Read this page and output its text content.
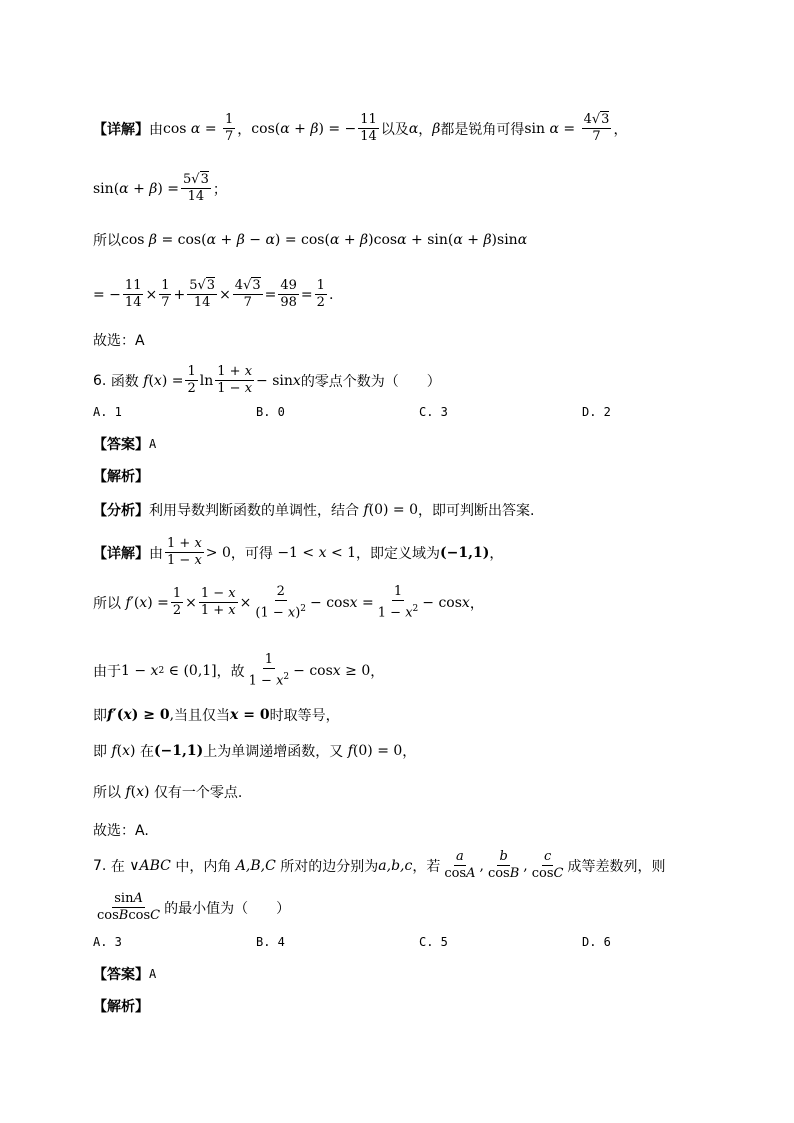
【详解】 由 $\cos \alpha = \frac{1}{7}$ ， cos ( α + β ) = − $\frac{11}{14}$ 以及 α ， β 都是锐角可得 $\sin \alpha = \frac{4√3}{7}$ ，
sin ( α + β ) = $\frac{5√3}{14}$ ；
所以 cos β = cos ( α + β − α ) = cos ( α + β ) cos α + sin ( α + β ) sin α
= − $\frac{11}{14} \times \frac{1}{7} + \frac{5√3}{14} \times \frac{4√3}{7} = \frac{49}{98} = \frac{1}{2}$ .
故选：A
6.
函数 f ( x ) = $\frac{1}{2}$ $\ln \frac{1 + x}{1 - x} - \sin x$ 的零点个数为（　　）
A. 1	B. 0	C. 3	D. 2
【答案】 A
【解析】
【分析】 利用导数判断函数的单调性，结合 f (0) = 0 ，即可判断出答案.
【详解】 由 $\frac{1 + x}{1 - x} > 0$ ，可得 −1 < x < 1 ，即定义域为 (−1,1) ，
所以 f ′( x ) = $\frac{1}{2} \times \frac{1 - x}{1 + x} \times \frac{2}{(1 - x)^2} - \cos x = \frac{1}{1 - x^2} - \cos x$ ，
由于 1 − x 2 ∈ (0,1] ，故 $\frac{1}{1 - x^2} - \cos x \ge 0$ ，
即 f′(x) ≥ 0 , 当且仅当 x = 0 时取等号，
即 f ( x ) 在 (−1,1) 上为单调递增函数，又 f (0) = 0 ，
所以 f ( x ) 仅有一个零点.
故选：A.
7.
在 ∨ ABC
中，内角 A,B,C 所对的边分别为 a,b,c ，若 $\frac{a}{\cos A}$ , $\frac{b}{\cos B}$ , $\frac{c}{\cos C}$ 成等差数列，则
$\frac{\sin A}{\text{cosBcosC}}$ 的最小值为（　　）
A. 3	B. 4	C. 5	D. 6
【答案】 A
【解析】
